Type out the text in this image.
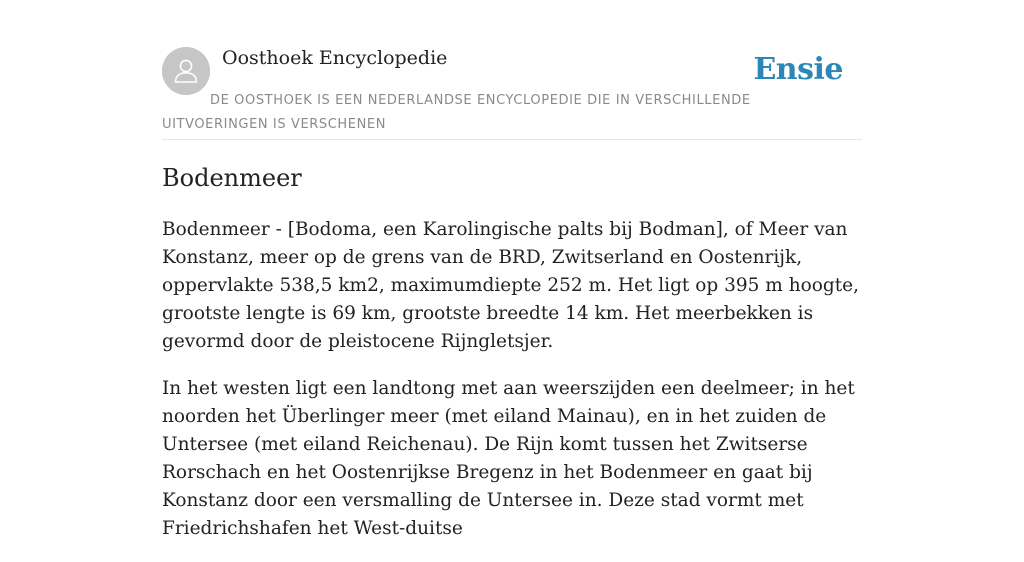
Oosthoek Encyclopedie	Ensie
DE OOSTHOEK IS EEN NEDERLANDSE ENCYCLOPEDIE DIE IN VERSCHILLENDE UITVOERINGEN IS VERSCHENEN
Bodenmeer

Bodenmeer - [Bodoma, een Karolingische palts bij Bodman], of Meer van Konstanz, meer op de grens van de BRD, Zwitserland en Oostenrijk, oppervlakte 538,5 km2, maximumdiepte 252 m. Het ligt op 395 m hoogte, grootste lengte is 69 km, grootste breedte 14 km. Het meerbekken is gevormd door de pleistocene Rijngletsjer.

In het westen ligt een landtong met aan weerszijden een deelmeer; in het noorden het Überlinger meer (met eiland Mainau), en in het zuiden de Untersee (met eiland Reichenau). De Rijn komt tussen het Zwitserse Rorschach en het Oostenrijkse Bregenz in het Bodenmeer en gaat bij Konstanz door een versmalling de Untersee in. Deze stad vormt met Friedrichshafen het West-duitse
